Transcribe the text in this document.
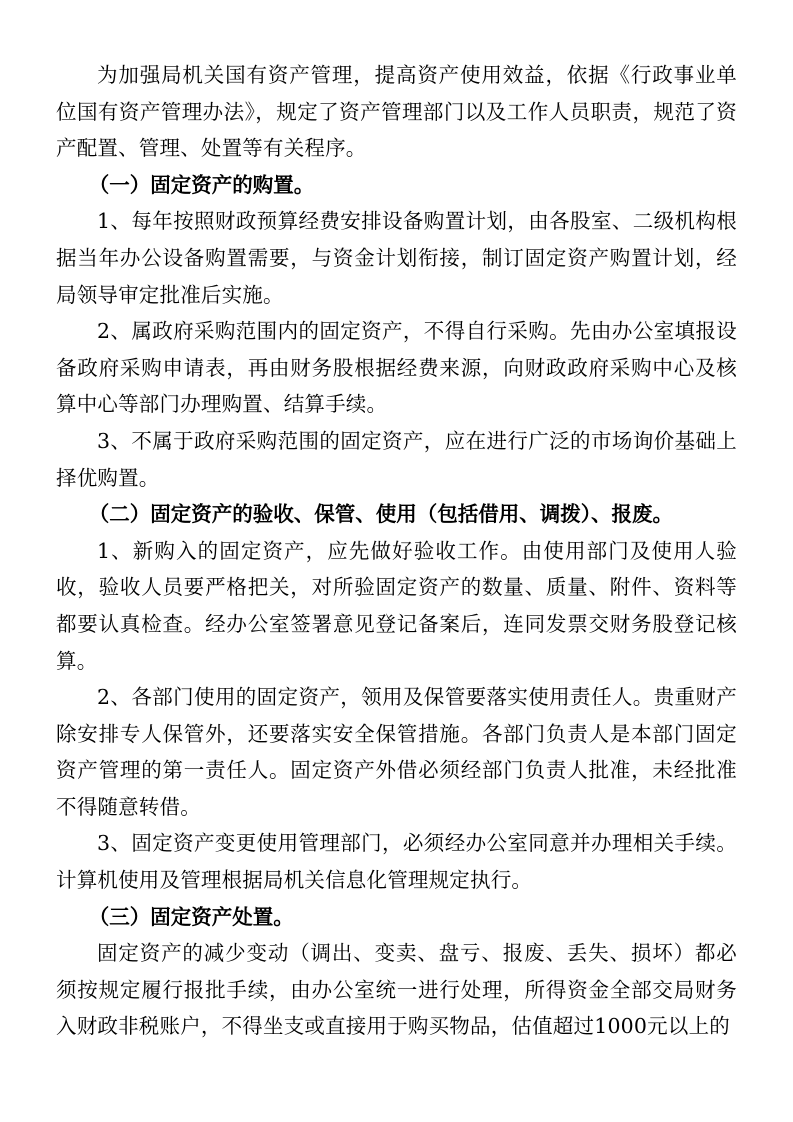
为加强局机关国有资产管理，提高资产使用效益，依据《行政事业单位国有资产管理办法》，规定了资产管理部门以及工作人员职责，规范了资产配置、管理、处置等有关程序。

（一）固定资产的购置。

1、每年按照财政预算经费安排设备购置计划，由各股室、二级机构根据当年办公设备购置需要，与资金计划衔接，制订固定资产购置计划，经局领导审定批准后实施。

2、属政府采购范围内的固定资产，不得自行采购。先由办公室填报设备政府采购申请表，再由财务股根据经费来源，向财政政府采购中心及核算中心等部门办理购置、结算手续。

3、不属于政府采购范围的固定资产，应在进行广泛的市场询价基础上择优购置。

（二）固定资产的验收、保管、使用（包括借用、调拨）、报废。

1、新购入的固定资产，应先做好验收工作。由使用部门及使用人验收，验收人员要严格把关，对所验固定资产的数量、质量、附件、资料等都要认真检查。经办公室签署意见登记备案后，连同发票交财务股登记核算。

2、各部门使用的固定资产，领用及保管要落实使用责任人。贵重财产除安排专人保管外，还要落实安全保管措施。各部门负责人是本部门固定资产管理的第一责任人。固定资产外借必须经部门负责人批准，未经批准不得随意转借。

3、固定资产变更使用管理部门，必须经办公室同意并办理相关手续。计算机使用及管理根据局机关信息化管理规定执行。

（三）固定资产处置。

固定资产的减少变动（调出、变卖、盘亏、报废、丢失、损坏）都必须按规定履行报批手续，由办公室统一进行处理，所得资金全部交局财务入财政非税账户，不得坐支或直接用于购买物品，估值超过1000元以上的
